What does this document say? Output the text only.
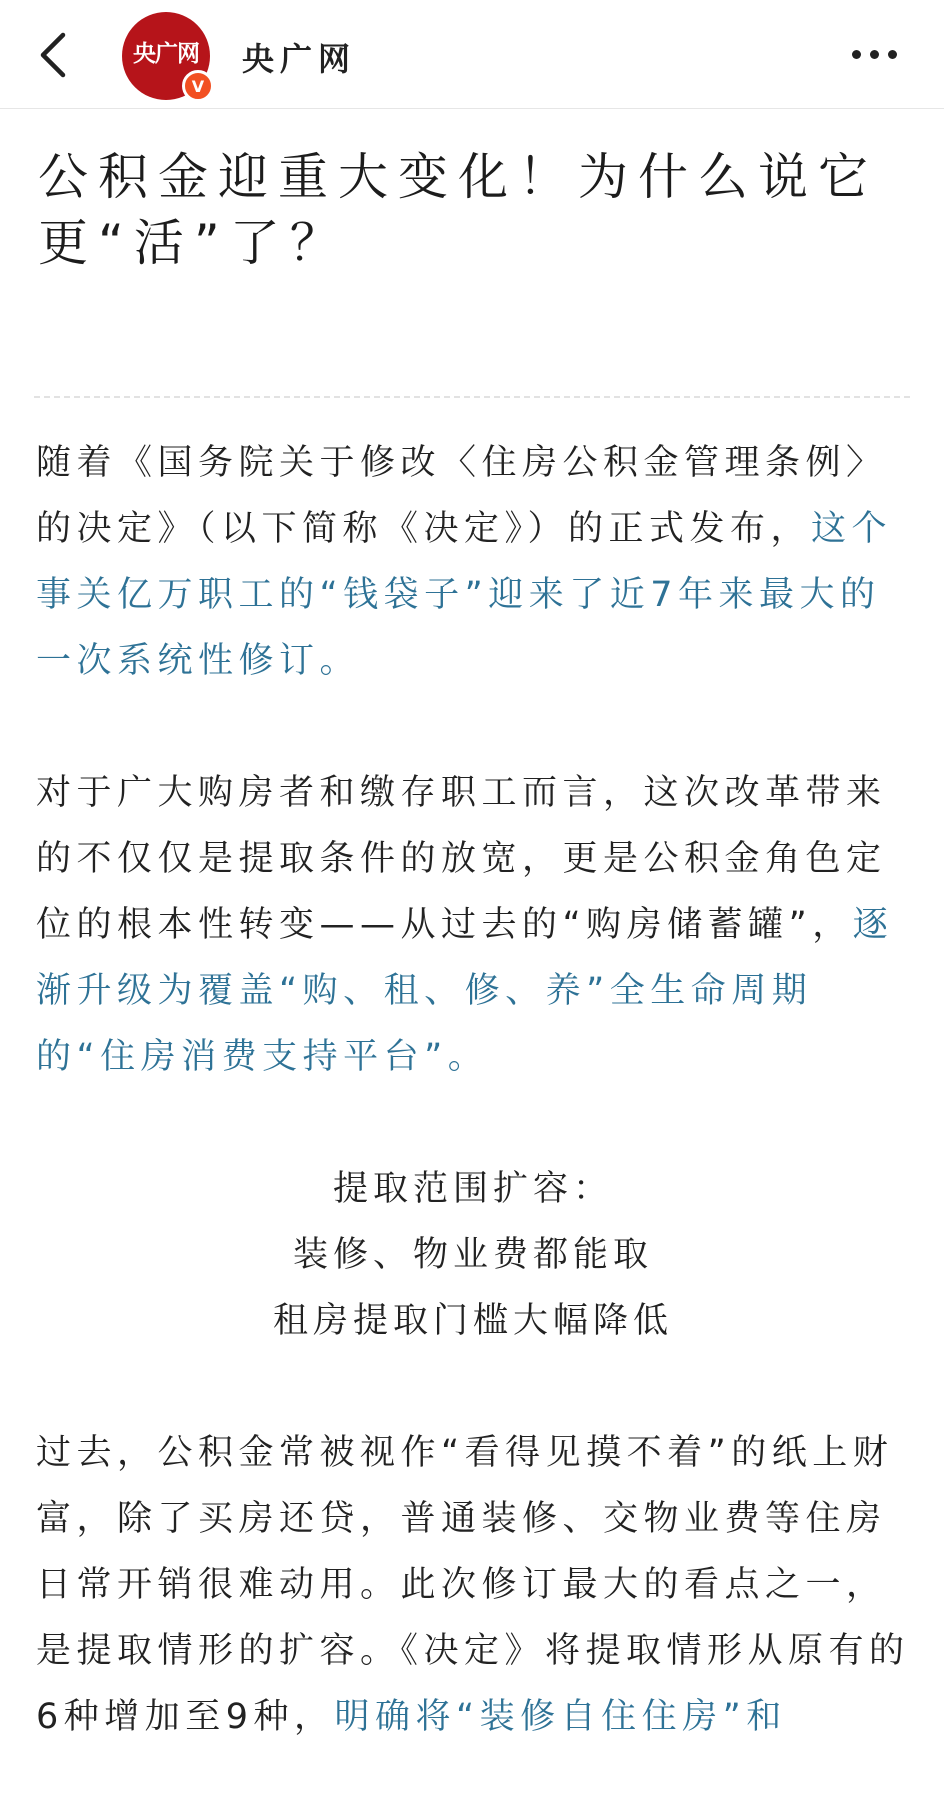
央广网
V
央广网
公积金迎重大变化！为什么说它更“活”了？

随着《国务院关于修改〈住房公积金管理条例〉的决定》（以下简称《决定》）的正式发布，这个事关亿万职工的“钱袋子”迎来了近7年来最大的一次系统性修订。

对于广大购房者和缴存职工而言，这次改革带来的不仅仅是提取条件的放宽，更是公积金角色定位的根本性转变——从过去的“购房储蓄罐”，逐渐升级为覆盖“购、租、修、养”全生命周期的“住房消费支持平台”。

提取范围扩容：
装修、物业费都能取
租房提取门槛大幅降低

过去，公积金常被视作“看得见摸不着”的纸上财富，除了买房还贷，普通装修、交物业费等住房日常开销很难动用。此次修订最大的看点之一，是提取情形的扩容。《决定》将提取情形从原有的6种增加至9种，明确将“装修自住住房”和
